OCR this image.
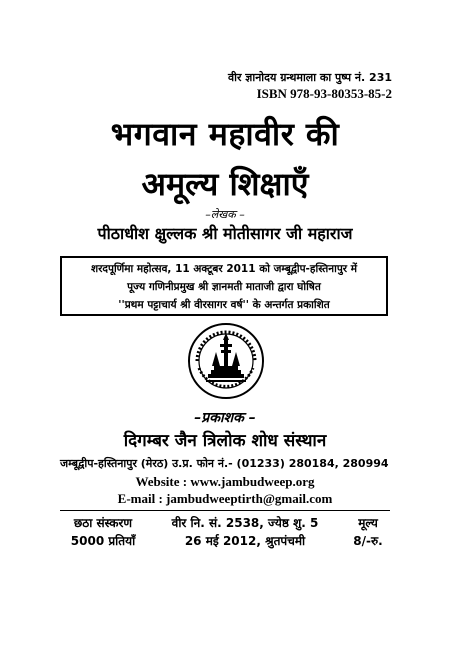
वीर ज्ञानोदय ग्रन्थमाला का पुष्प नं. 231
ISBN 978-93-80353-85-2
भगवान महावीर की
अमूल्य शिक्षाएँ
–लेखक –
पीठाधीश क्षुल्लक श्री मोतीसागर जी महाराज
शरदपूर्णिमा महोत्सव, 11 अक्टूबर 2011 को जम्बूद्वीप-हस्तिनापुर में
पूज्य गणिनीप्रमुख श्री ज्ञानमती माताजी द्वारा घोषित
''प्रथम पट्टाचार्य श्री वीरसागर वर्ष'' के अन्तर्गत प्रकाशित
–प्रकाशक –
दिगम्बर जैन त्रिलोक शोध संस्थान
जम्बूद्वीप-हस्तिनापुर (मेरठ) उ.प्र. फोन नं.- (01233) 280184, 280994
Website : www.jambudweep.org
E-mail : jambudweeptirth@gmail.com
छठा संस्करण
5000 प्रतियाँ
वीर नि. सं. 2538, ज्येष्ठ शु. 5
26 मई 2012, श्रुतपंचमी
मूल्य
8/-रु.
